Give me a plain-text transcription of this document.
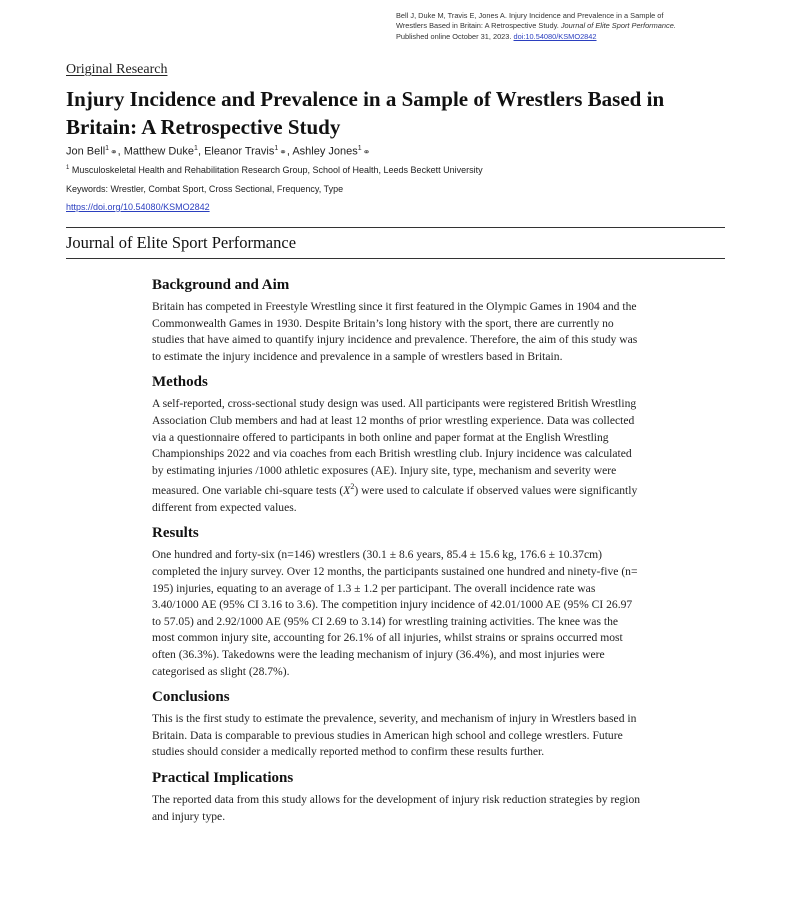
Bell J, Duke M, Travis E, Jones A. Injury Incidence and Prevalence in a Sample of
Wrestlers Based in Britain: A Retrospective Study. Journal of Elite Sport Performance.
Published online October 31, 2023. doi:10.54080/KSMO2842
Original Research
Injury Incidence and Prevalence in a Sample of Wrestlers Based in Britain: A Retrospective Study
Jon Bell$^1$⚭, Matthew Duke$^1$, Eleanor Travis$^1$⚭, Ashley Jones$^1$⚭
$^1$ Musculoskeletal Health and Rehabilitation Research Group, School of Health, Leeds Beckett University
Keywords: Wrestler, Combat Sport, Cross Sectional, Frequency, Type
https://doi.org/10.54080/KSMO2842
Journal of Elite Sport Performance
Background and Aim

Britain has competed in Freestyle Wrestling since it first featured in the Olympic Games in 1904 and the Commonwealth Games in 1930. Despite Britain’s long history with the sport, there are currently no studies that have aimed to quantify injury incidence and prevalence. Therefore, the aim of this study was to estimate the injury incidence and prevalence in a sample of wrestlers based in Britain.

Methods

A self-reported, cross-sectional study design was used. All participants were registered British Wrestling Association Club members and had at least 12 months of prior wrestling experience. Data was collected via a questionnaire offered to participants in both online and paper format at the English Wrestling Championships 2022 and via coaches from each British wrestling club. Injury incidence was calculated by estimating injuries /1000 athletic exposures (AE). Injury site, type, mechanism and severity were measured. One variable chi-square tests $(X^2)$ were used to calculate if observed values were significantly different from expected values.

Results

One hundred and forty-six (n=146) wrestlers (30.1 ± 8.6 years, 85.4 ± 15.6 kg, 176.6 ± 10.37cm) completed the injury survey. Over 12 months, the participants sustained one hundred and ninety-five (n= 195) injuries, equating to an average of 1.3 ± 1.2 per participant. The overall incidence rate was 3.40/1000 AE (95% CI 3.16 to 3.6). The competition injury incidence of 42.01/1000 AE (95% CI 26.97 to 57.05) and 2.92/1000 AE (95% CI 2.69 to 3.14) for wrestling training activities. The knee was the most common injury site, accounting for 26.1% of all injuries, whilst strains or sprains occurred most often (36.3%). Takedowns were the leading mechanism of injury (36.4%), and most injuries were categorised as slight (28.7%).

Conclusions

This is the first study to estimate the prevalence, severity, and mechanism of injury in Wrestlers based in Britain. Data is comparable to previous studies in American high school and college wrestlers. Future studies should consider a medically reported method to confirm these results further.

Practical Implications

The reported data from this study allows for the development of injury risk reduction strategies by region and injury type.
